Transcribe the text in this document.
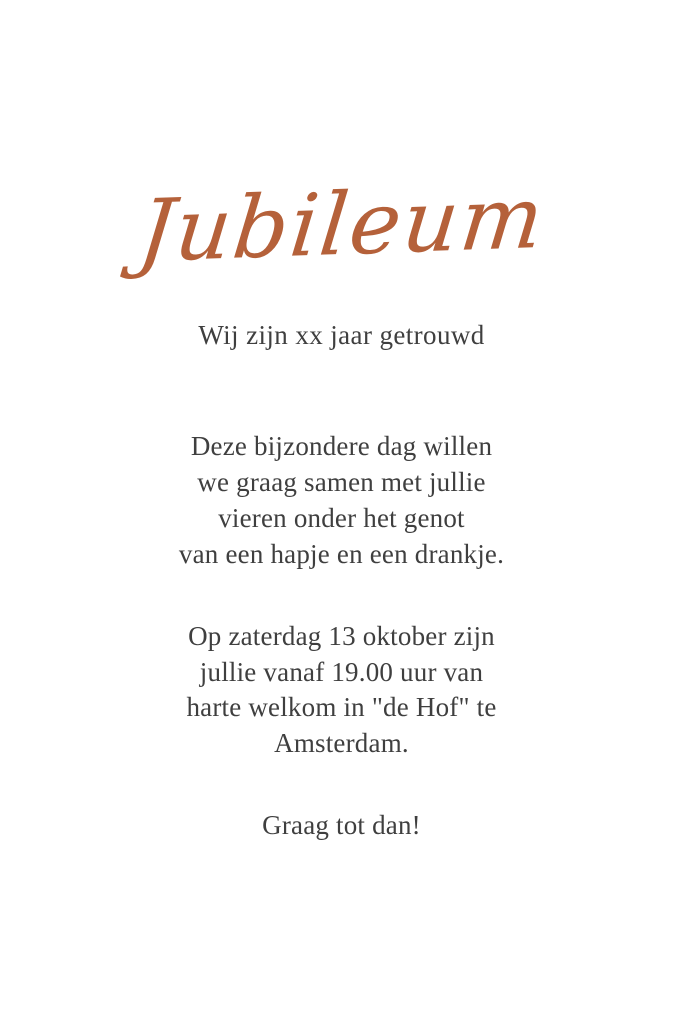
Jubileum
Wij zijn xx jaar getrouwd
Deze bijzondere dag willen
we graag samen met jullie
vieren onder het genot
van een hapje en een drankje.
Op zaterdag 13 oktober zijn
jullie vanaf 19.00 uur van
harte welkom in "de Hof" te
Amsterdam.
Graag tot dan!
